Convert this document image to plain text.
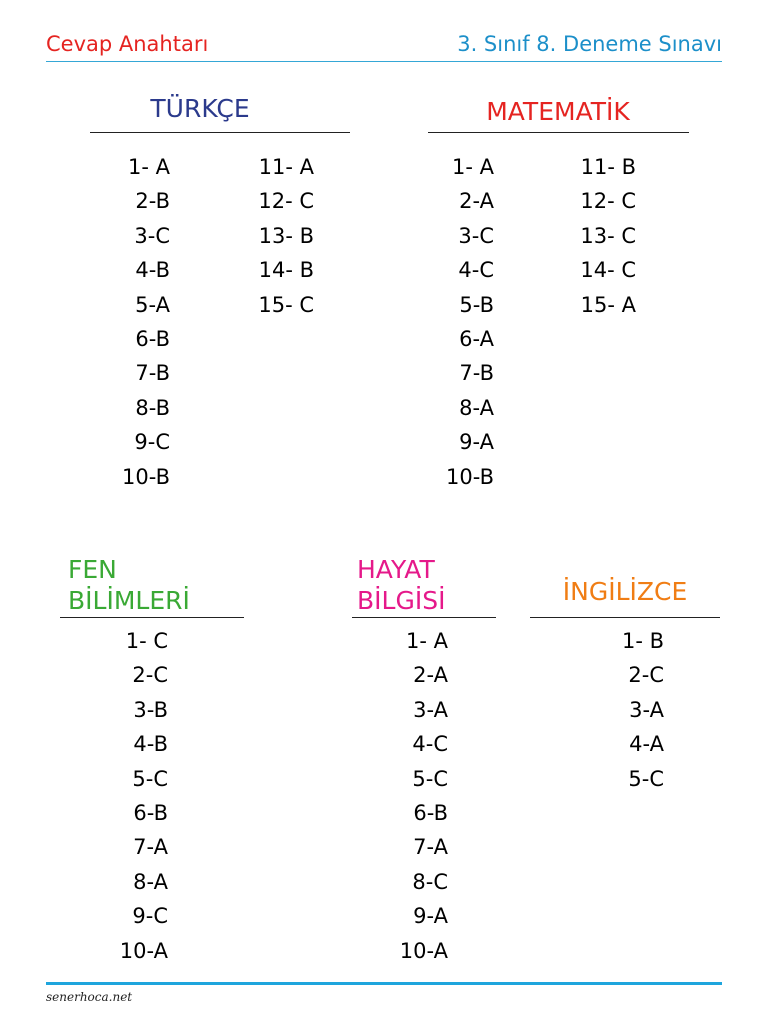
Cevap Anahtarı	3. Sınıf 8. Deneme Sınavı
TÜRKÇE
1- A
2-B
3-C
4-B
5-A
6-B
7-B
8-B
9-C
10-B
11- A
12- C
13- B
14- B
15- C
MATEMATİK
1- A
2-A
3-C
4-C
5-B
6-A
7-B
8-A
9-A
10-B
11- B
12- C
13- C
14- C
15- A
FEN
BİLİMLERİ
1- C
2-C
3-B
4-B
5-C
6-B
7-A
8-A
9-C
10-A
HAYAT
BİLGİSİ
1- A
2-A
3-A
4-C
5-C
6-B
7-A
8-C
9-A
10-A
İNGİLİZCE
1- B
2-C
3-A
4-A
5-C
senerhoca.net
